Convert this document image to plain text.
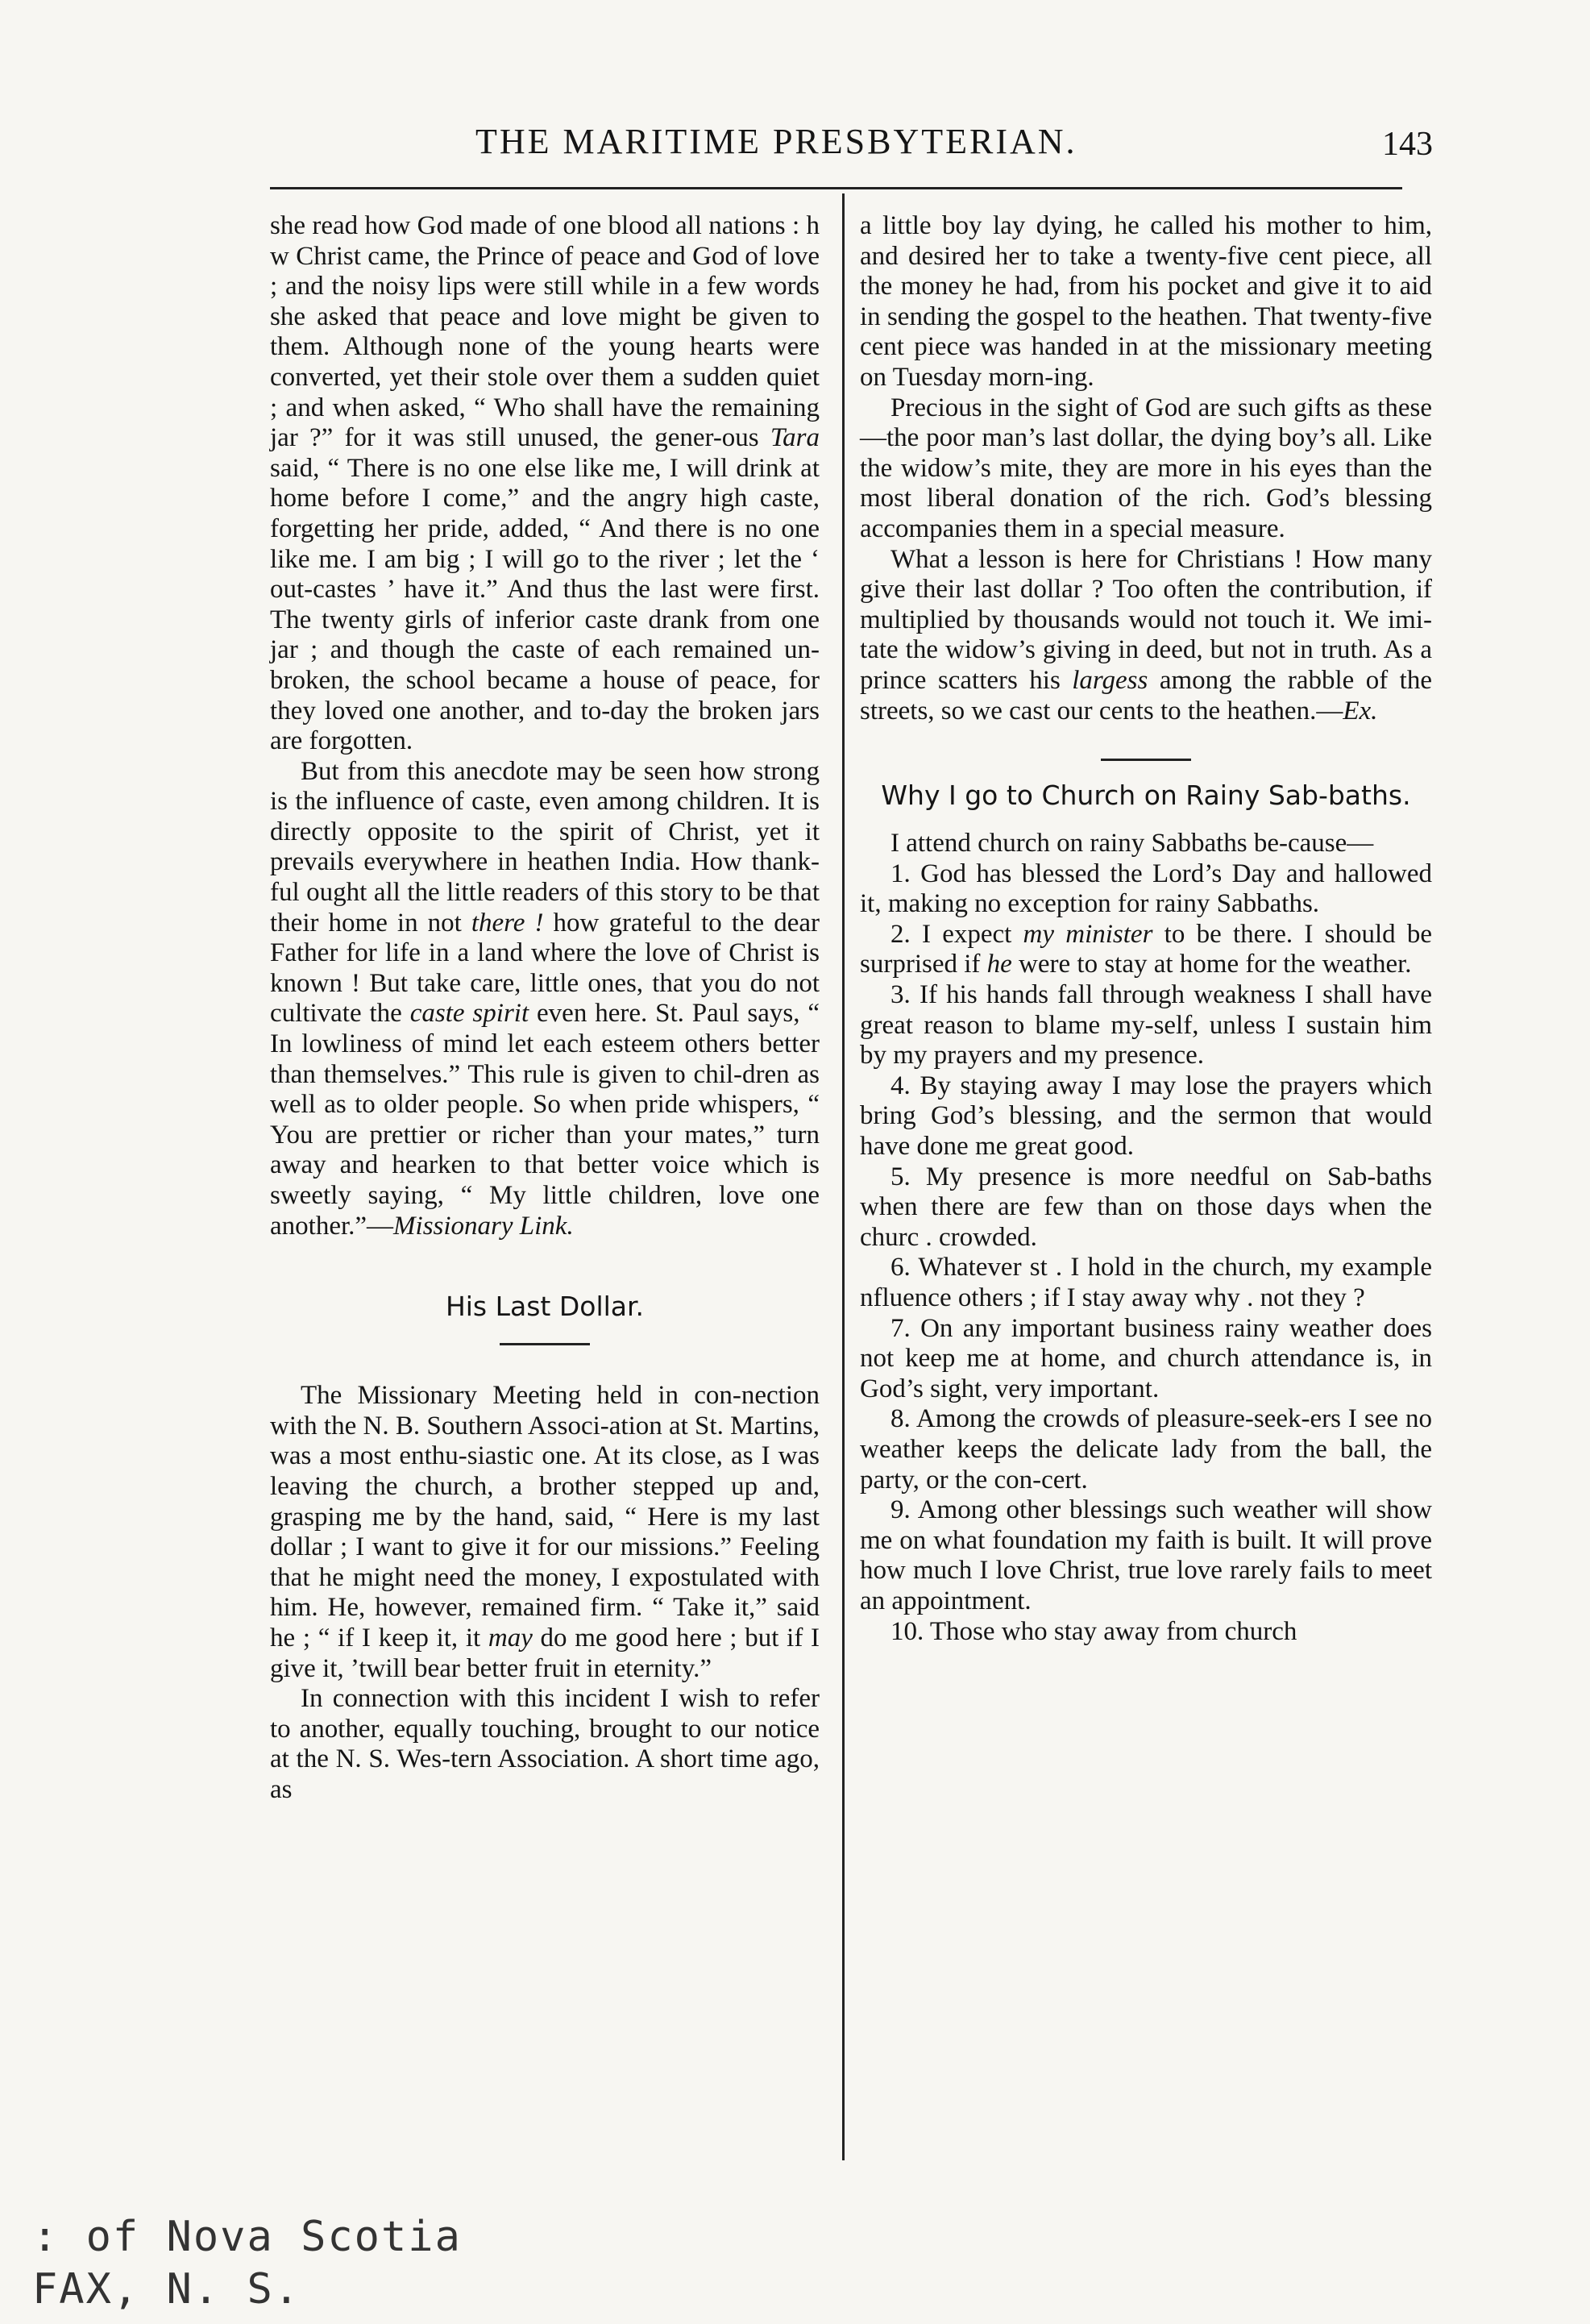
THE MARITIME PRESBYTERIAN.	143

she read how God made of one blood all nations : h w Christ came, the Prince of peace and God of love ; and the noisy lips were still while in a few words she asked that peace and love might be given to them. Although none of the young hearts were converted, yet their stole over them a sudden quiet ; and when asked, “ Who shall have the remaining jar ?” for it was still unused, the gener-ous Tara said, “ There is no one else like me, I will drink at home before I come,” and the angry high caste, forgetting her pride, added, “ And there is no one like me. I am big ; I will go to the river ; let the ‘ out-castes ’ have it.” And thus the last were first. The twenty girls of inferior caste drank from one jar ; and though the caste of each remained un-broken, the school became a house of peace, for they loved one another, and to-day the broken jars are forgotten.

But from this anecdote may be seen how strong is the influence of caste, even among children. It is directly opposite to the spirit of Christ, yet it prevails everywhere in heathen India. How thank-ful ought all the little readers of this story to be that their home in not there ! how grateful to the dear Father for life in a land where the love of Christ is known ! But take care, little ones, that you do not cultivate the caste spirit even here. St. Paul says, “ In lowliness of mind let each esteem others better than themselves.” This rule is given to chil-dren as well as to older people. So when pride whispers, “ You are prettier or richer than your mates,” turn away and hearken to that better voice which is sweetly saying, “ My little children, love one another.”—Missionary Link.

His Last Dollar.

The Missionary Meeting held in con-nection with the N. B. Southern Associ-ation at St. Martins, was a most enthu-siastic one. At its close, as I was leaving the church, a brother stepped up and, grasping me by the hand, said, “ Here is my last dollar ; I want to give it for our missions.” Feeling that he might need the money, I expostulated with him. He, however, remained firm. “ Take it,” said he ; “ if I keep it, it may do me good here ; but if I give it, ’twill bear better fruit in eternity.”

In connection with this incident I wish to refer to another, equally touching, brought to our notice at the N. S. Wes-tern Association. A short time ago, as

a little boy lay dying, he called his mother to him, and desired her to take a twenty-five cent piece, all the money he had, from his pocket and give it to aid in sending the gospel to the heathen. That twenty-five cent piece was handed in at the missionary meeting on Tuesday morn-ing.

Precious in the sight of God are such gifts as these—the poor man’s last dollar, the dying boy’s all. Like the widow’s mite, they are more in his eyes than the most liberal donation of the rich. God’s blessing accompanies them in a special measure.

What a lesson is here for Christians ! How many give their last dollar ? Too often the contribution, if multiplied by thousands would not touch it. We imi-tate the widow’s giving in deed, but not in truth. As a prince scatters his largess among the rabble of the streets, so we cast our cents to the heathen.—Ex.

Why I go to Church on Rainy Sab-baths.

I attend church on rainy Sabbaths be-cause—

1. God has blessed the Lord’s Day and hallowed it, making no exception for rainy Sabbaths.

2. I expect my minister to be there. I should be surprised if he were to stay at home for the weather.

3. If his hands fall through weakness I shall have great reason to blame my-self, unless I sustain him by my prayers and my presence.

4. By staying away I may lose the prayers which bring God’s blessing, and the sermon that would have done me great good.

5. My presence is more needful on Sab-baths when there are few than on those days when the churc . crowded.

6. Whatever st . I hold in the church, my example nfluence others ; if I stay away why . not they ?

7. On any important business rainy weather does not keep me at home, and church attendance is, in God’s sight, very important.

8. Among the crowds of pleasure-seek-ers I see no weather keeps the delicate lady from the ball, the party, or the con-cert.

9. Among other blessings such weather will show me on what foundation my faith is built. It will prove how much I love Christ, true love rarely fails to meet an appointment.

10. Those who stay away from church

: of Nova Scotia
FAX, N. S.
